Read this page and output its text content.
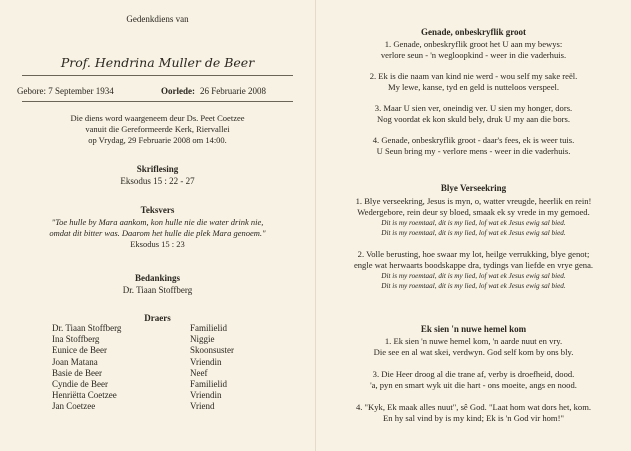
Gedenkdiens van
Prof. Hendrina Muller de Beer
Gebore: 7 September 1934	Oorlede: 26 Februarie 2008
Die diens word waargeneem deur Ds. Peet Coetzee
vanuit die Gereformeerde Kerk, Riervallei
op Vrydag, 29 Februarie 2008 om 14:00.
Skriflesing
Eksodus 15 : 22 - 27
Teksvers
"Toe hulle by Mara aankom, kon hulle nie die water drink nie,
omdat dit bitter was. Daarom het hulle die plek Mara genoem."
Eksodus 15 : 23
Bedankings
Dr. Tiaan Stoffberg
Draers
Dr. Tiaan Stoffberg	Familielid
Ina Stoffberg	Niggie
Eunice de Beer	Skoonsuster
Joan Matana	Vriendin
Basie de Beer	Neef
Cyndie de Beer	Familielid
Henriëtta Coetzee	Vriendin
Jan Coetzee	Vriend
Genade, onbeskryflik groot
1. Genade, onbeskryflik groot het U aan my bewys:
verlore seun - 'n wegloopkind - weer in die vaderhuis.
2. Ek is die naam van kind nie werd - wou self my sake reël.
My lewe, kanse, tyd en geld is nutteloos verspeel.
3. Maar U sien ver, oneindig ver. U sien my honger, dors.
Nog voordat ek kon skuld bely, druk U my aan die bors.
4. Genade, onbeskryflik groot - daar's fees, ek is weer tuis.
U Seun bring my - verlore mens - weer in die vaderhuis.
Blye Verseekring
1. Blye verseekring, Jesus is myn, o, watter vreugde, heerlik en rein!
Wedergebore, rein deur sy bloed, smaak ek sy vrede in my gemoed.
Dit is my roemtaal, dit is my lied, lof wat ek Jesus ewig sal bied.
Dit is my roemtaal, dit is my lied, lof wat ek Jesus ewig sal bied.
2. Volle berusting, hoe swaar my lot, heilge verrukking, blye genot;
engle wat herwaarts boodskappe dra, tydings van liefde en vrye gena.
Dit is my roemtaal, dit is my lied, lof wat ek Jesus ewig sal bied.
Dit is my roemtaal, dit is my lied, lof wat ek Jesus ewig sal bied.
Ek sien 'n nuwe hemel kom
1. Ek sien 'n nuwe hemel kom, 'n aarde nuut en vry.
Die see en al wat skei, verdwyn. God self kom by ons bly.
3. Die Heer droog al die trane af, verby is droefheid, dood.
'a, pyn en smart wyk uit die hart - ons moeite, angs en nood.
4. "Kyk, Ek maak alles nuut", sê God. "Laat hom wat dors het, kom.
En hy sal vind by is my kind; Ek is 'n God vir hom!"
